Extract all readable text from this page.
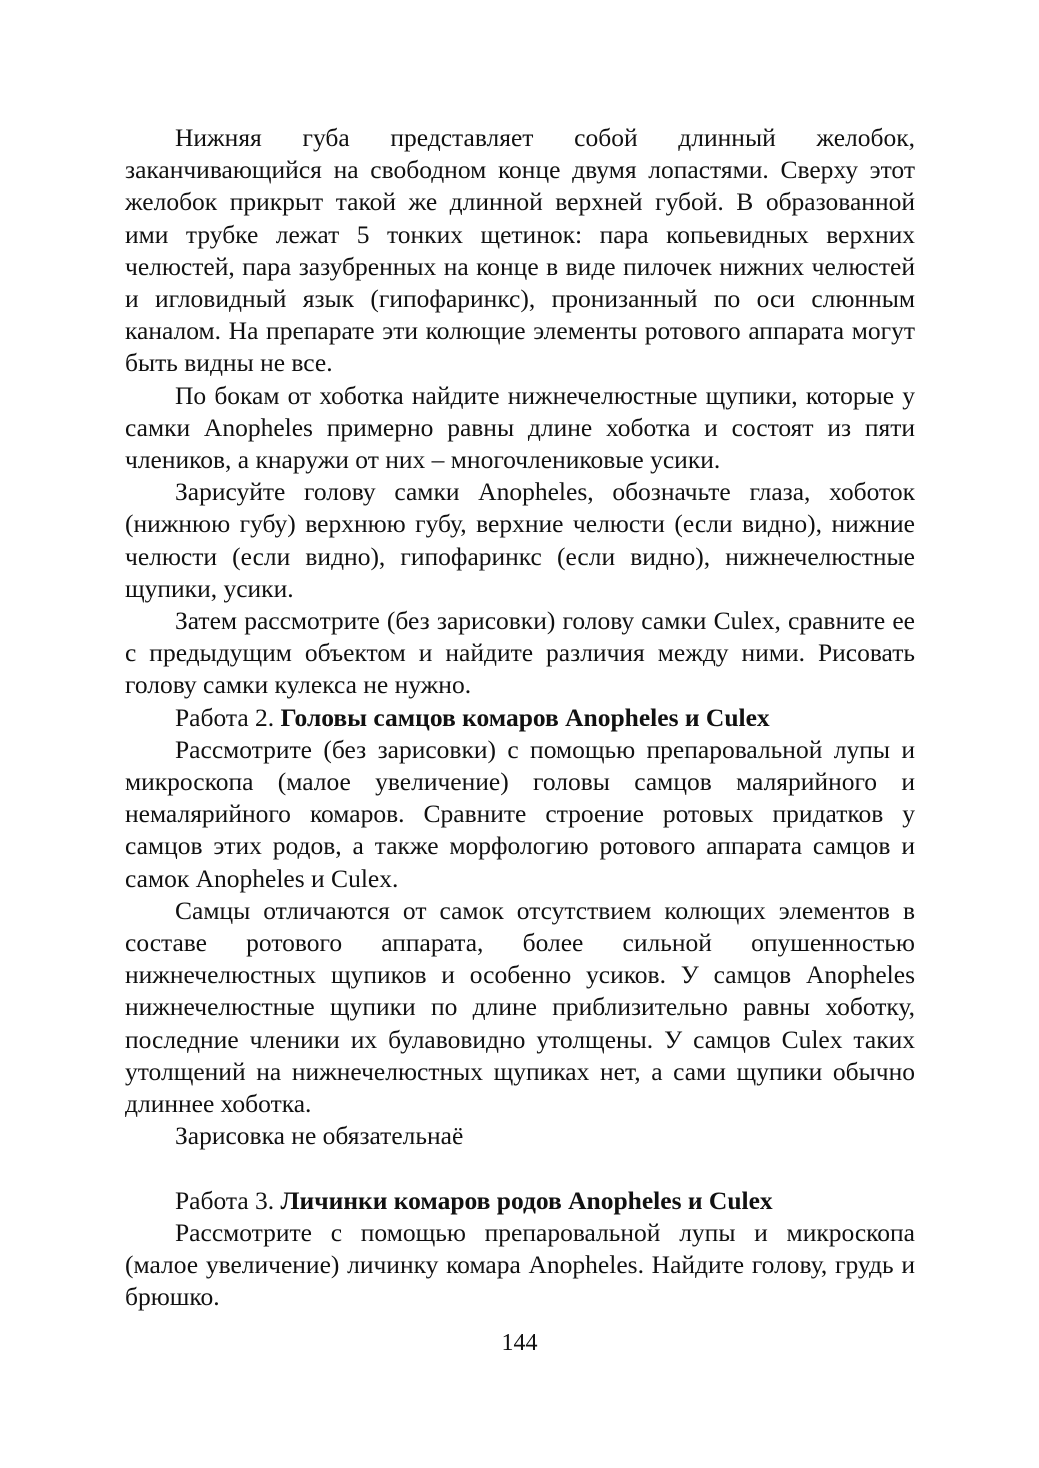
Нижняя губа представляет собой длинный желобок, заканчивающийся на свободном конце двумя лопастями. Сверху этот желобок прикрыт такой же длинной верхней губой. В образованной ими трубке лежат 5 тонких щетинок: пара копьевидных верхних челюстей, пара зазубренных на конце в виде пилочек нижних челюстей и игловидный язык (гипофаринкс), пронизанный по оси слюнным каналом. На препарате эти колющие элементы ротового аппарата могут быть видны не все.

По бокам от хоботка найдите нижнечелюстные щупики, которые у самки Anopheles примерно равны длине хоботка и состоят из пяти члеников, а кнаружи от них – многочлениковые усики.

Зарисуйте голову самки Anopheles, обозначьте глаза, хоботок (нижнюю губу) верхнюю губу, верхние челюсти (если видно), нижние челюсти (если видно), гипофаринкс (если видно), нижнечелюстные щупики, усики.

Затем рассмотрите (без зарисовки) голову самки Culex, сравните ее с предыдущим объектом и найдите различия между ними. Рисовать голову самки кулекса не нужно.

Работа 2. Головы самцов комаров Anopheles и Culex

Рассмотрите (без зарисовки) с помощью препаровальной лупы и микроскопа (малое увеличение) головы самцов малярийного и немалярийного комаров. Сравните строение ротовых придатков у самцов этих родов, а также морфологию ротового аппарата самцов и самок Anopheles и Culex.

Самцы отличаются от самок отсутствием колющих элементов в составе ротового аппарата, более сильной опушенностью нижнечелюстных щупиков и особенно усиков. У самцов Anopheles нижнечелюстные щупики по длине приблизительно равны хоботку, последние членики их булавовидно утолщены. У самцов Culex таких утолщений на нижнечелюстных щупиках нет, а сами щупики обычно длиннее хоботка.

Зарисовка не обязательнаё

Работа 3. Личинки комаров родов Anopheles и Culex

Рассмотрите с помощью препаровальной лупы и микроскопа (малое увеличение) личинку комара Anopheles. Найдите голову, грудь и брюшко.

144
